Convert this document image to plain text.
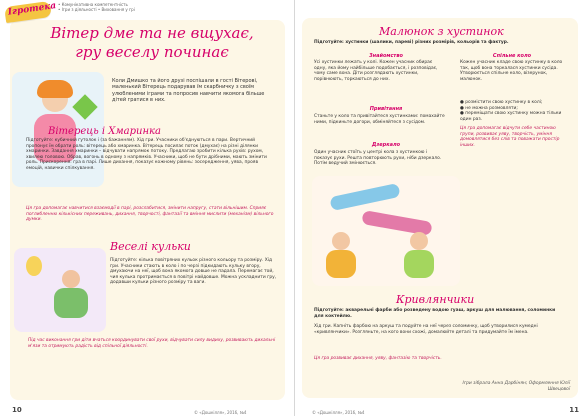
Ігротека • Комунікативна компетентність
• Ігри з діяльності • Виховання у грі
Вітер дме та не вщухає,
гру веселу починає
Коли Дмишко та його друзі поспішали в гості Вітерові, маленький Вітерець подарував їм скарбничку з своїм улюбленими іграми та попросив навчити якомога більше дітей гратися в них.
Вітерець і Хмаринка
Підготуйте: кубичний гутолок і (за бажанням). Хід гри. Учасники об'єднуються в пари. Вертичний пропонує їм обрати роль: вітерець або хмаринка. Вітерець посилає поток (дмухає) на різні ділянки хмаринки. Завдання хмаринки – відчувати напрямок потоку. Предлагаю зробити кілька рухів: рухом, хвилею головою. Обрав, вогонь в одному з напрямків. Учасники, щоб не бути дрібними, мають змінити роль. Прискорення: гра в парі. Лише дихання, показує кожному рівень: зосередження, уява, прояв емоцій, навички спілкування.
Ця гра допомагає навчитися взаємодії в парі, розслабитися, змінити напругу, стати вільнішим. Сприяє поглибленню кількісних переживань, дихання, творчості, фантазії та вміння мислити (механізм) вільного думки.
Веселі кульки
Підготуйте: кілька повітряних кульок різного кольору та розміру. Хід гри. Учасники стають в коло і по черзі підкидають кульку вгору, дмухаючи на неї, щоб вона якомога довше не падала. Перемагає той, чия кулька протримається в повітрі найдовше. Можна ускладнити гру, додавши кульки різного розміру та ваги.
Під час виконання гри діти вчаться координувати свої рухи, відчувати силу видиху, розвивають дихальні м'язи та отримують радість від спільної діяльності.
10	© «Дошкілля», 2016, №4
Малюнок з хустинок
Підготуйте: хустинки (шалики, пареві) різних розмірів, кольорів та фактур.
Знайомство
Усі хустинки лежать у колі. Кожен учасник обирає одну, яка йому найбільше подобається, і розповідає, чому саме вона. Діти розглядають хустинки, порівнюють, торкаються до них.
Привітання
Станьте у коло та привітайтеся хустинками: помахайте ними, підкиньте догори, обміняйтеся з сусідом.
Дзеркало
Один учасник стоїть у центрі кола з хустинкою і показує рухи. Решта повторюють рухи, ніби дзеркало. Потім ведучий змінюється.
Спільне коло
Кожен учасник кладе свою хустинку в коло так, щоб вона торкалася хустинки сусіда. Утворюється спільне коло, візерунок, малюнок.
● розмістити свою хустинку в колі;
● не можна розмовляти;
● переміщати свою хустинку можна тільки один раз.
Ця гра допомагає відчути себе частиною групи, розвиває уяву, творчість, уміння домовлятися без слів та поважати простір інших.
Кривлянчики
Підготуйте: акварельні фарби або розведену водою гуаш, аркуш для малювання, соломинки для коктейлю.
Хід гри. Капніть фарбою на аркуш та подуйте на неї через соломинку, щоб утворилися кумедні «кривлянчики». Розгляньте, на кого вони схожі, домалюйте деталі та придумайте їм імена.
Ця гра розвиває дихання, уяву, фантазію та творчість.
Ігри зібрала Анна Дарбінян; Оформлення Юлії Швецової
© «Дошкілля», 2016, №4	11
